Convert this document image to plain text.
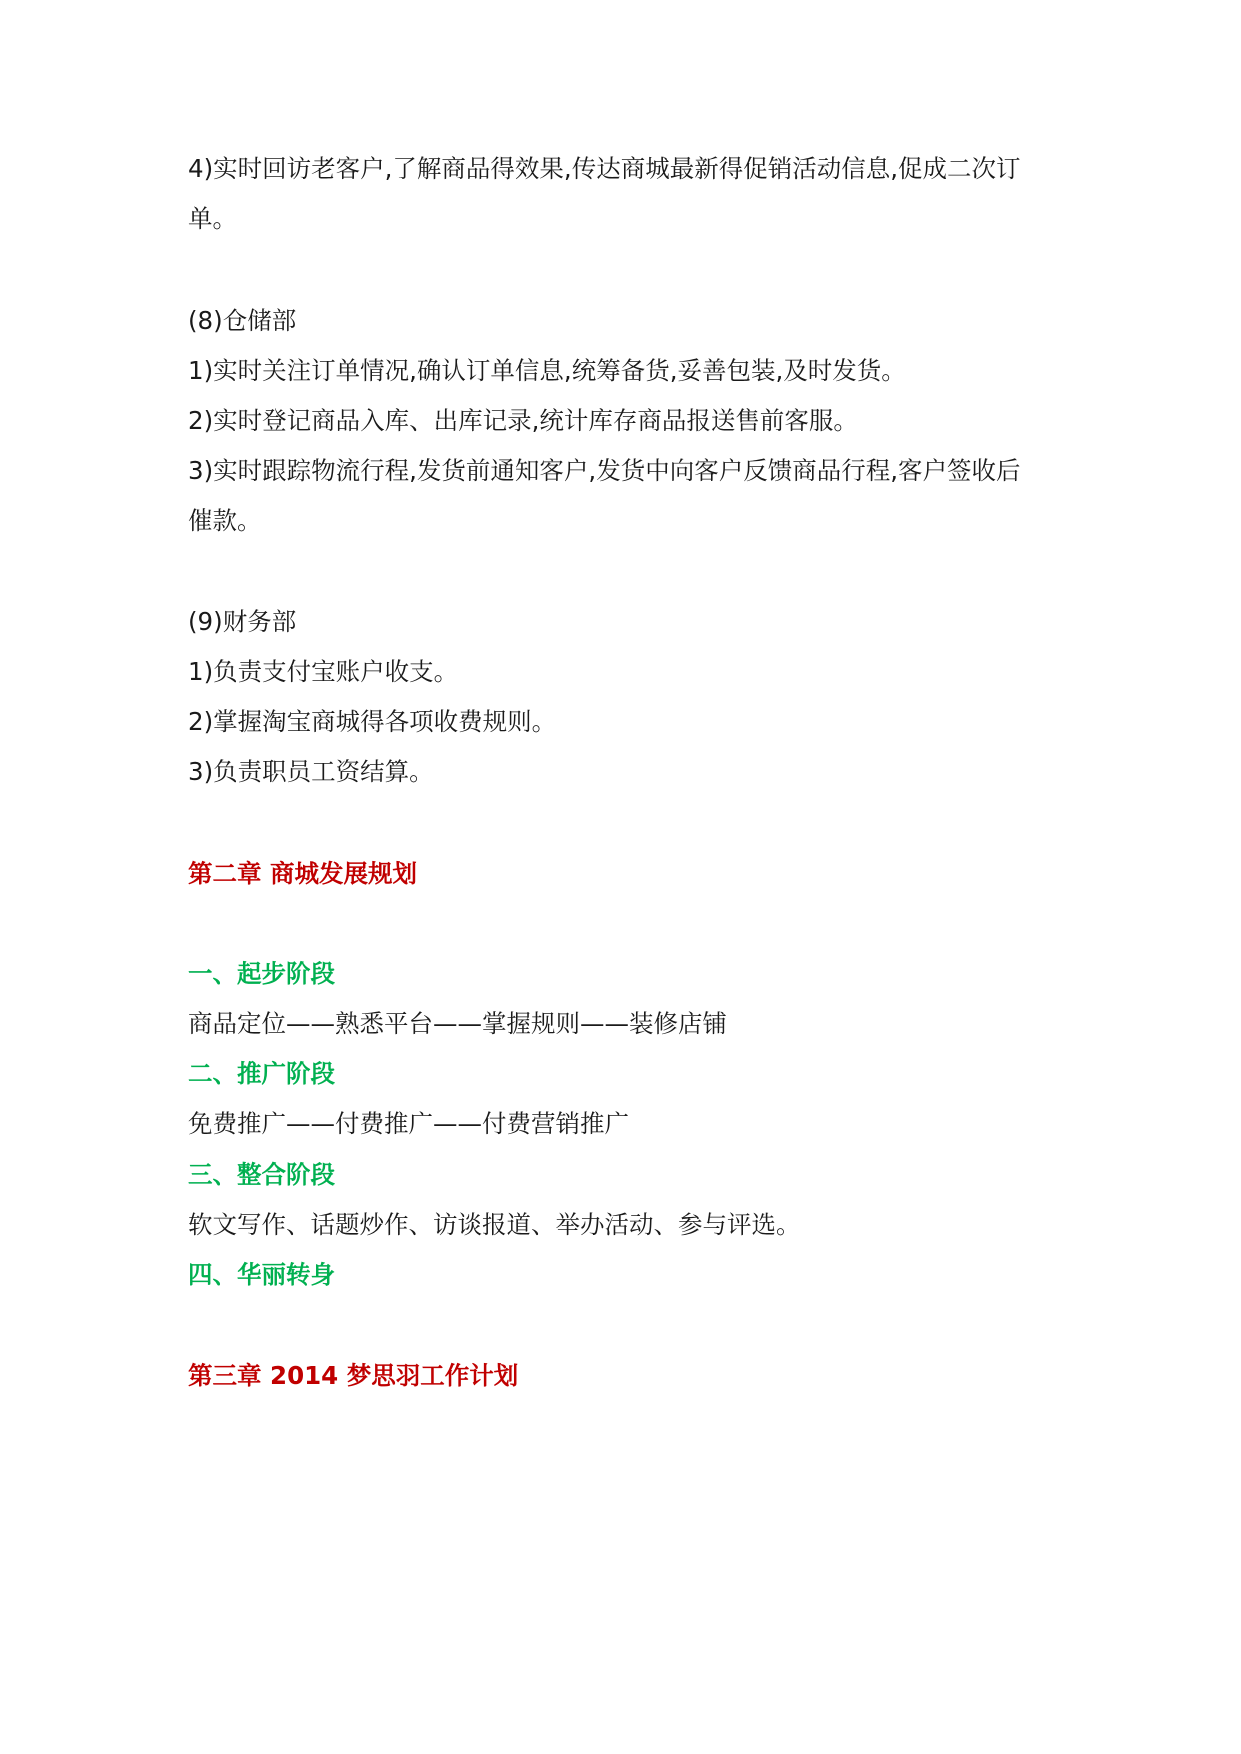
4)实时回访老客户,了解商品得效果,传达商城最新得促销活动信息,促成二次订
单。
(8)仓储部
1)实时关注订单情况,确认订单信息,统筹备货,妥善包装,及时发货。
2)实时登记商品入库、出库记录,统计库存商品报送售前客服。
3)实时跟踪物流行程,发货前通知客户,发货中向客户反馈商品行程,客户签收后
催款。
(9)财务部
1)负责支付宝账户收支。
2)掌握淘宝商城得各项收费规则。
3)负责职员工资结算。
第二章 商城发展规划
一、起步阶段
商品定位——熟悉平台——掌握规则——装修店铺
二、推广阶段
免费推广——付费推广——付费营销推广
三、整合阶段
软文写作、话题炒作、访谈报道、举办活动、参与评选。
四、华丽转身
第三章 2014 梦思羽工作计划
